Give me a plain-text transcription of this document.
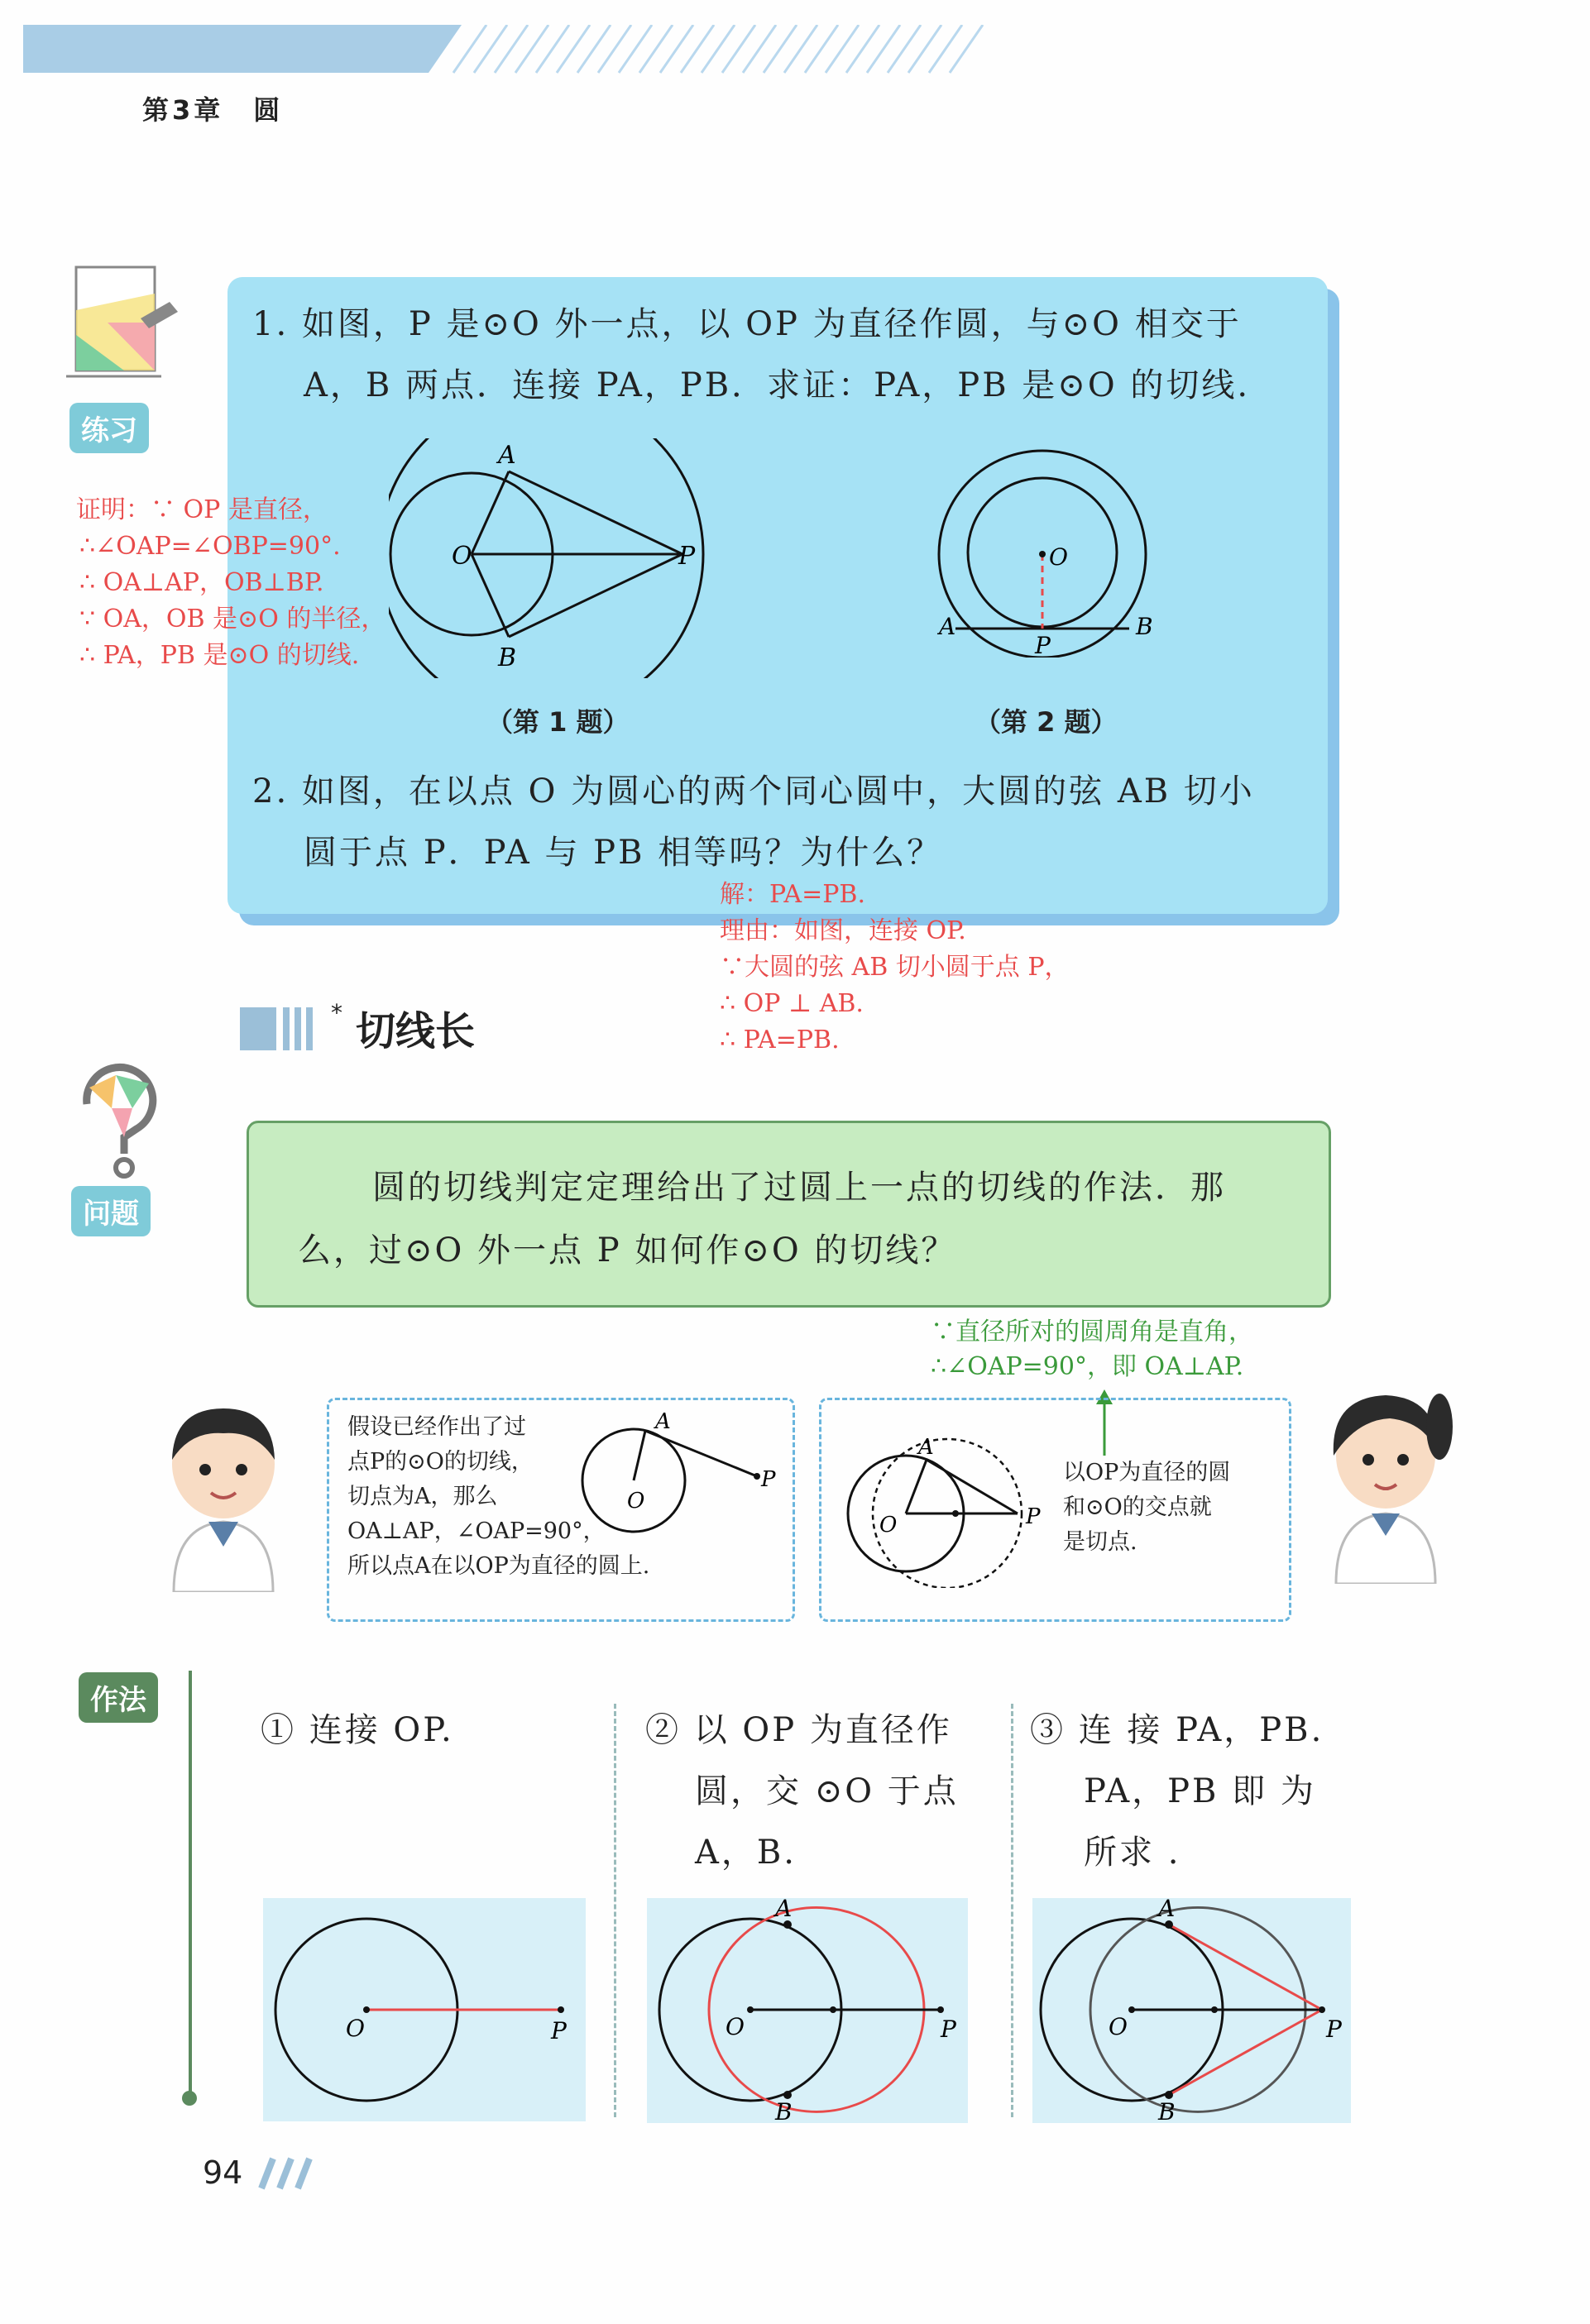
第3章　圆
练习
1. 如图，P 是⊙O 外一点，以 OP 为直径作圆，与⊙O 相交于
A，B 两点．连接 PA，PB．求证：PA，PB 是⊙O 的切线.
A
B
O	P
（第 1 题）
O
A	B
P
（第 2 题）
2. 如图，在以点 O 为圆心的两个同心圆中，大圆的弦 AB 切小
圆于点 P．PA 与 PB 相等吗？为什么？
证明：∵ OP 是直径，
∴∠OAP=∠OBP=90°.
∴ OA⊥AP，OB⊥BP.
∵ OA，OB 是⊙O 的半径，
∴ PA，PB 是⊙O 的切线.
解：PA=PB.
理由：如图，连接 OP.
∵大圆的弦 AB 切小圆于点 P，
∴ OP ⊥ AB.
∴ PA=PB.
* 切线长
问题
圆的切线判定定理给出了过圆上一点的切线的作法．那
么，过⊙O 外一点 P 如何作⊙O 的切线？
∵直径所对的圆周角是直角，
∴∠OAP=90°，即 OA⊥AP.
假设已经作出了过
点P的⊙O的切线，
切点为A，那么
OA⊥AP，∠OAP=90°，
所以点A在以OP为直径的圆上.
A
O
P
A
O	P
以OP为直径的圆
和⊙O的交点就
是切点.
作法
① 连接 OP.	② 以 OP 为直径作
圆，交 ⊙O 于点
A，B.
③ 连 接 PA，PB.
PA，PB 即 为
所求 .
O	P
A
B
O	P
A
B
O	P
94
